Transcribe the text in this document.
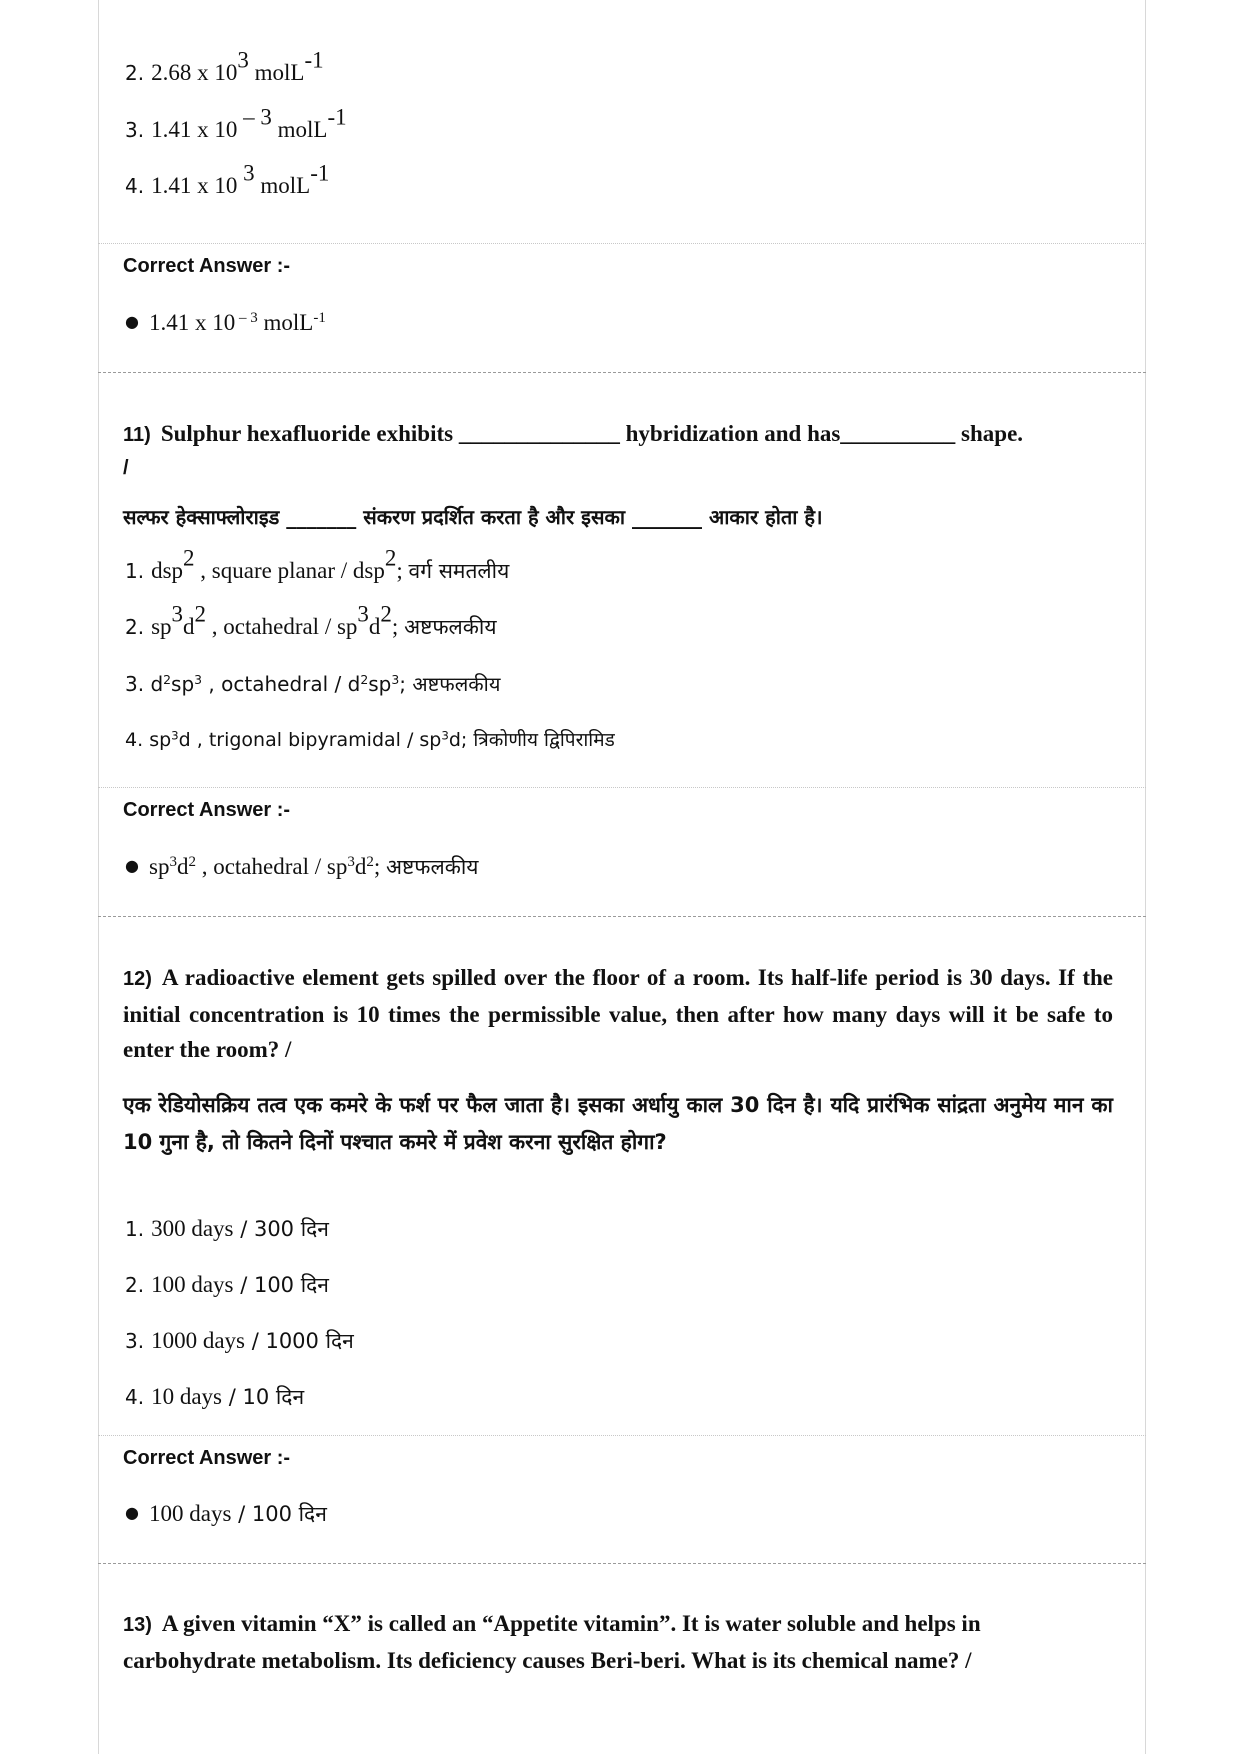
2. 2.68 x $10^3$ molL$^{-1}$
3. 1.41 x 10 $^{- 3}$ molL$^{-1}$
4. 1.41 x 10 $^3$ molL$^{-1}$
Correct Answer :-
● 1.41 x 10 $^{- 3}$ molL$^{-1}$
11) Sulphur hexafluoride exhibits ______________ hybridization and has__________ shape.
/
सल्फर हेक्साफ्लोराइड _______ संकरण प्रदर्शित करता है और इसका _______ आकार होता है।
1. dsp$^2$ , square planar / dsp$^2$; वर्ग समतलीय
2. $sp^3d^2$ , octahedral / $sp^3d^2$; अष्टफलकीय
3. $d^2sp^3$ , octahedral / $d^2sp^3$; अष्टफलकीय
4. $sp^3d$ , trigonal bipyramidal / $sp^3d$; त्रिकोणीय द्विपिरामिड
Correct Answer :-
● $sp^3d^2$ , octahedral / $sp^3d^2$; अष्टफलकीय
12) A radioactive element gets spilled over the floor of a room. Its half-life period is 30 days. If the initial concentration is 10 times the permissible value, then after how many days will it be safe to enter the room? /
एक रेडियोसक्रिय तत्व एक कमरे के फर्श पर फैल जाता है। इसका अर्धायु काल 30 दिन है। यदि प्रारंभिक सांद्रता अनुमेय मान का 10 गुना है, तो कितने दिनों पश्चात कमरे में प्रवेश करना सुरक्षित होगा?
1. 300 days / 300 दिन
2. 100 days / 100 दिन
3. 1000 days / 1000 दिन
4. 10 days / 10 दिन
Correct Answer :-
● 100 days / 100 दिन
13) A given vitamin “X” is called an “Appetite vitamin”. It is water soluble and helps in carbohydrate metabolism. Its deficiency causes Beri-beri. What is its chemical name? /
